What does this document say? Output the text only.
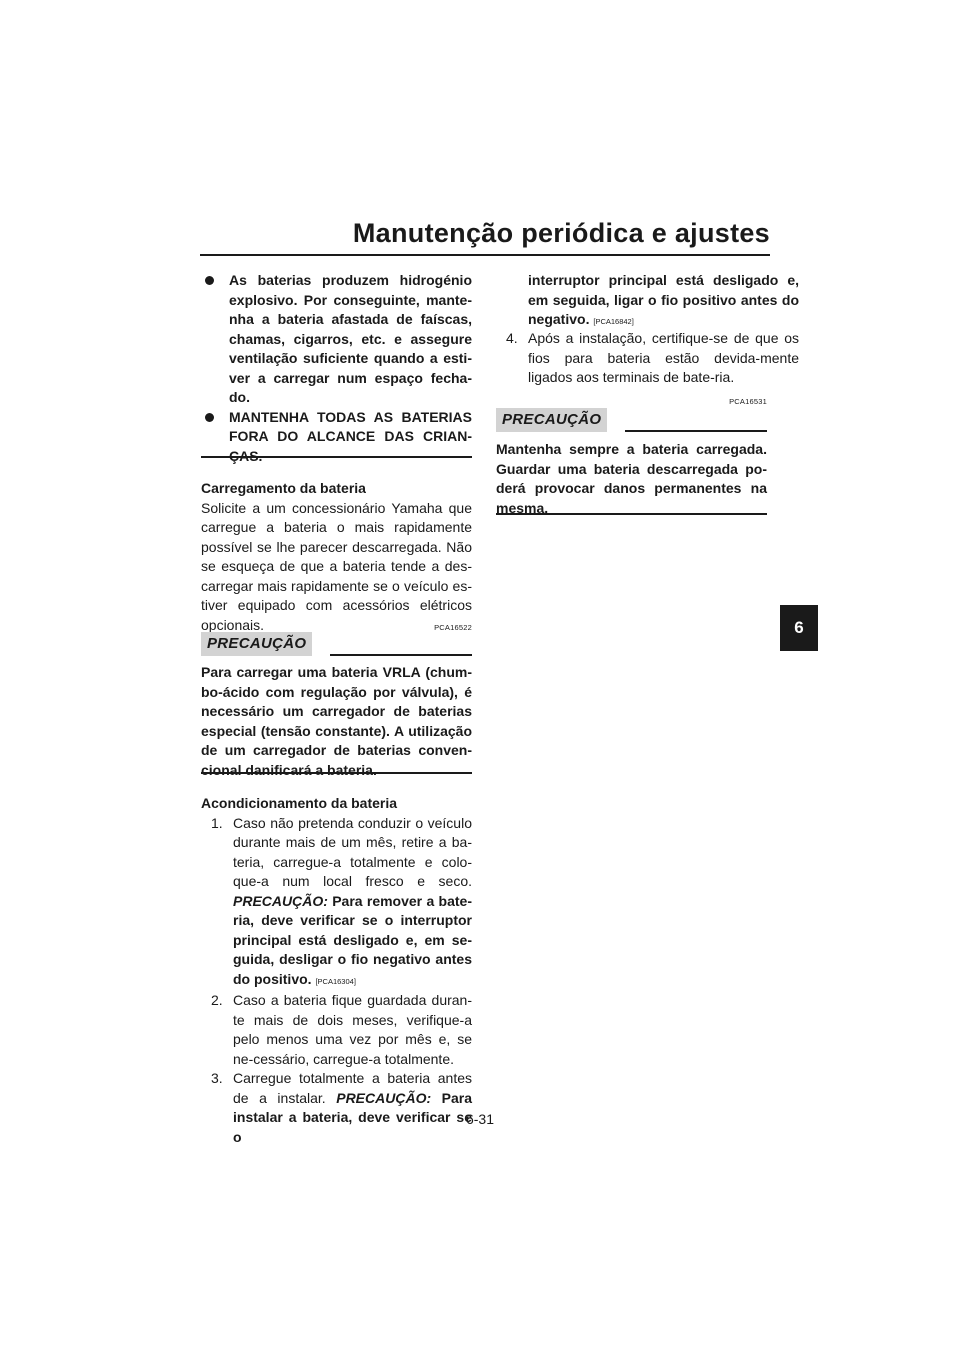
Manutenção periódica e ajustes
6
As baterias produzem hidrogénio explosivo. Por conseguinte, mante-nha a bateria afastada de faíscas, chamas, cigarros, etc. e assegure ventilação suficiente quando a esti-ver a carregar num espaço fecha-do.
MANTENHA TODAS AS BATERIAS FORA DO ALCANCE DAS CRIAN-ÇAS.
Carregamento da bateria
Solicite a um concessionário Yamaha que carregue a bateria o mais rapidamente possível se lhe parecer descarregada. Não se esqueça de que a bateria tende a des-carregar mais rapidamente se o veículo es-tiver equipado com acessórios elétricos opcionais.	PCA16522
PRECAUÇÃO
Para carregar uma bateria VRLA (chum-bo-ácido com regulação por válvula), é necessário um carregador de baterias especial (tensão constante). A utilização de um carregador de baterias conven-cional danificará a bateria.
Acondicionamento da bateria
1. Caso não pretenda conduzir o veículo durante mais de um mês, retire a ba-teria, carregue-a totalmente e colo-que-a num local fresco e seco. PRECAUÇÃO: Para remover a bate-ria, deve verificar se o interruptor principal está desligado e, em se-guida, desligar o fio negativo antes do positivo. [PCA16304]
2. Caso a bateria fique guardada duran-te mais de dois meses, verifique-a pelo menos uma vez por mês e, se ne-cessário, carregue-a totalmente.
3. Carregue totalmente a bateria antes de a instalar. PRECAUÇÃO: Para instalar a bateria, deve verificar se o
interruptor principal está desligado e, em seguida, ligar o fio positivo antes do negativo. [PCA16842]
4. Após a instalação, certifique-se de que os fios para bateria estão devida-mente ligados aos terminais de bate-ria.
PCA16531
PRECAUÇÃO
Mantenha sempre a bateria carregada. Guardar uma bateria descarregada po-derá provocar danos permanentes na mesma.
6-31
